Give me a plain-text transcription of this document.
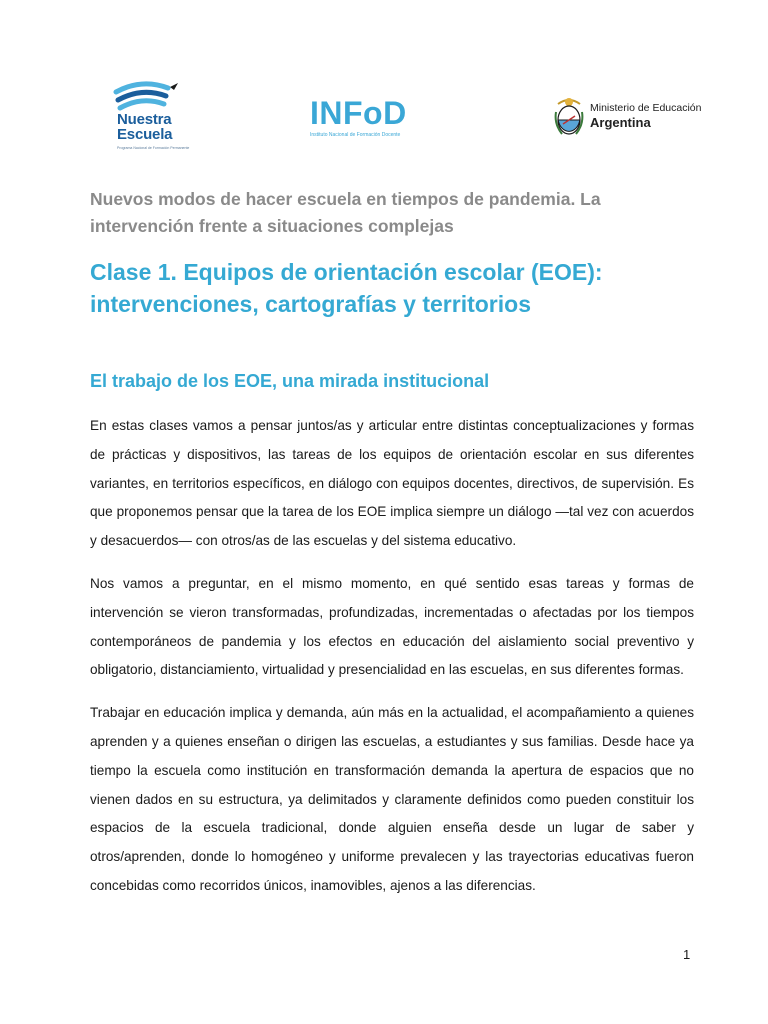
Nuestra
Escuela
Programa Nacional de Formación Permanente
INFoD
Instituto Nacional de Formación Docente
Ministerio de Educación
Argentina
Nuevos modos de hacer escuela en tiempos de pandemia. La intervención frente a situaciones complejas
Clase 1. Equipos de orientación escolar (EOE): intervenciones, cartografías y territorios
El trabajo de los EOE, una mirada institucional

En estas clases vamos a pensar juntos/as y articular entre distintas conceptualizaciones y formas de prácticas y dispositivos, las tareas de los equipos de orientación escolar en sus diferentes variantes, en territorios específicos, en diálogo con equipos docentes, directivos, de supervisión. Es que proponemos pensar que la tarea de los EOE implica siempre un diálogo —tal vez con acuerdos y desacuerdos— con otros/as de las escuelas y del sistema educativo.

Nos vamos a preguntar, en el mismo momento, en qué sentido esas tareas y formas de intervención se vieron transformadas, profundizadas, incrementadas o afectadas por los tiempos contemporáneos de pandemia y los efectos en educación del aislamiento social preventivo y obligatorio, distanciamiento, virtualidad y presencialidad en las escuelas, en sus diferentes formas.

Trabajar en educación implica y demanda, aún más en la actualidad, el acompañamiento a quienes aprenden y a quienes enseñan o dirigen las escuelas, a estudiantes y sus familias. Desde hace ya tiempo la escuela como institución en transformación demanda la apertura de espacios que no vienen dados en su estructura, ya delimitados y claramente definidos como pueden constituir los espacios de la escuela tradicional, donde alguien enseña desde un lugar de saber y otros/aprenden, donde lo homogéneo y uniforme prevalecen y las trayectorias educativas fueron concebidas como recorridos únicos, inamovibles, ajenos a las diferencias.

1
